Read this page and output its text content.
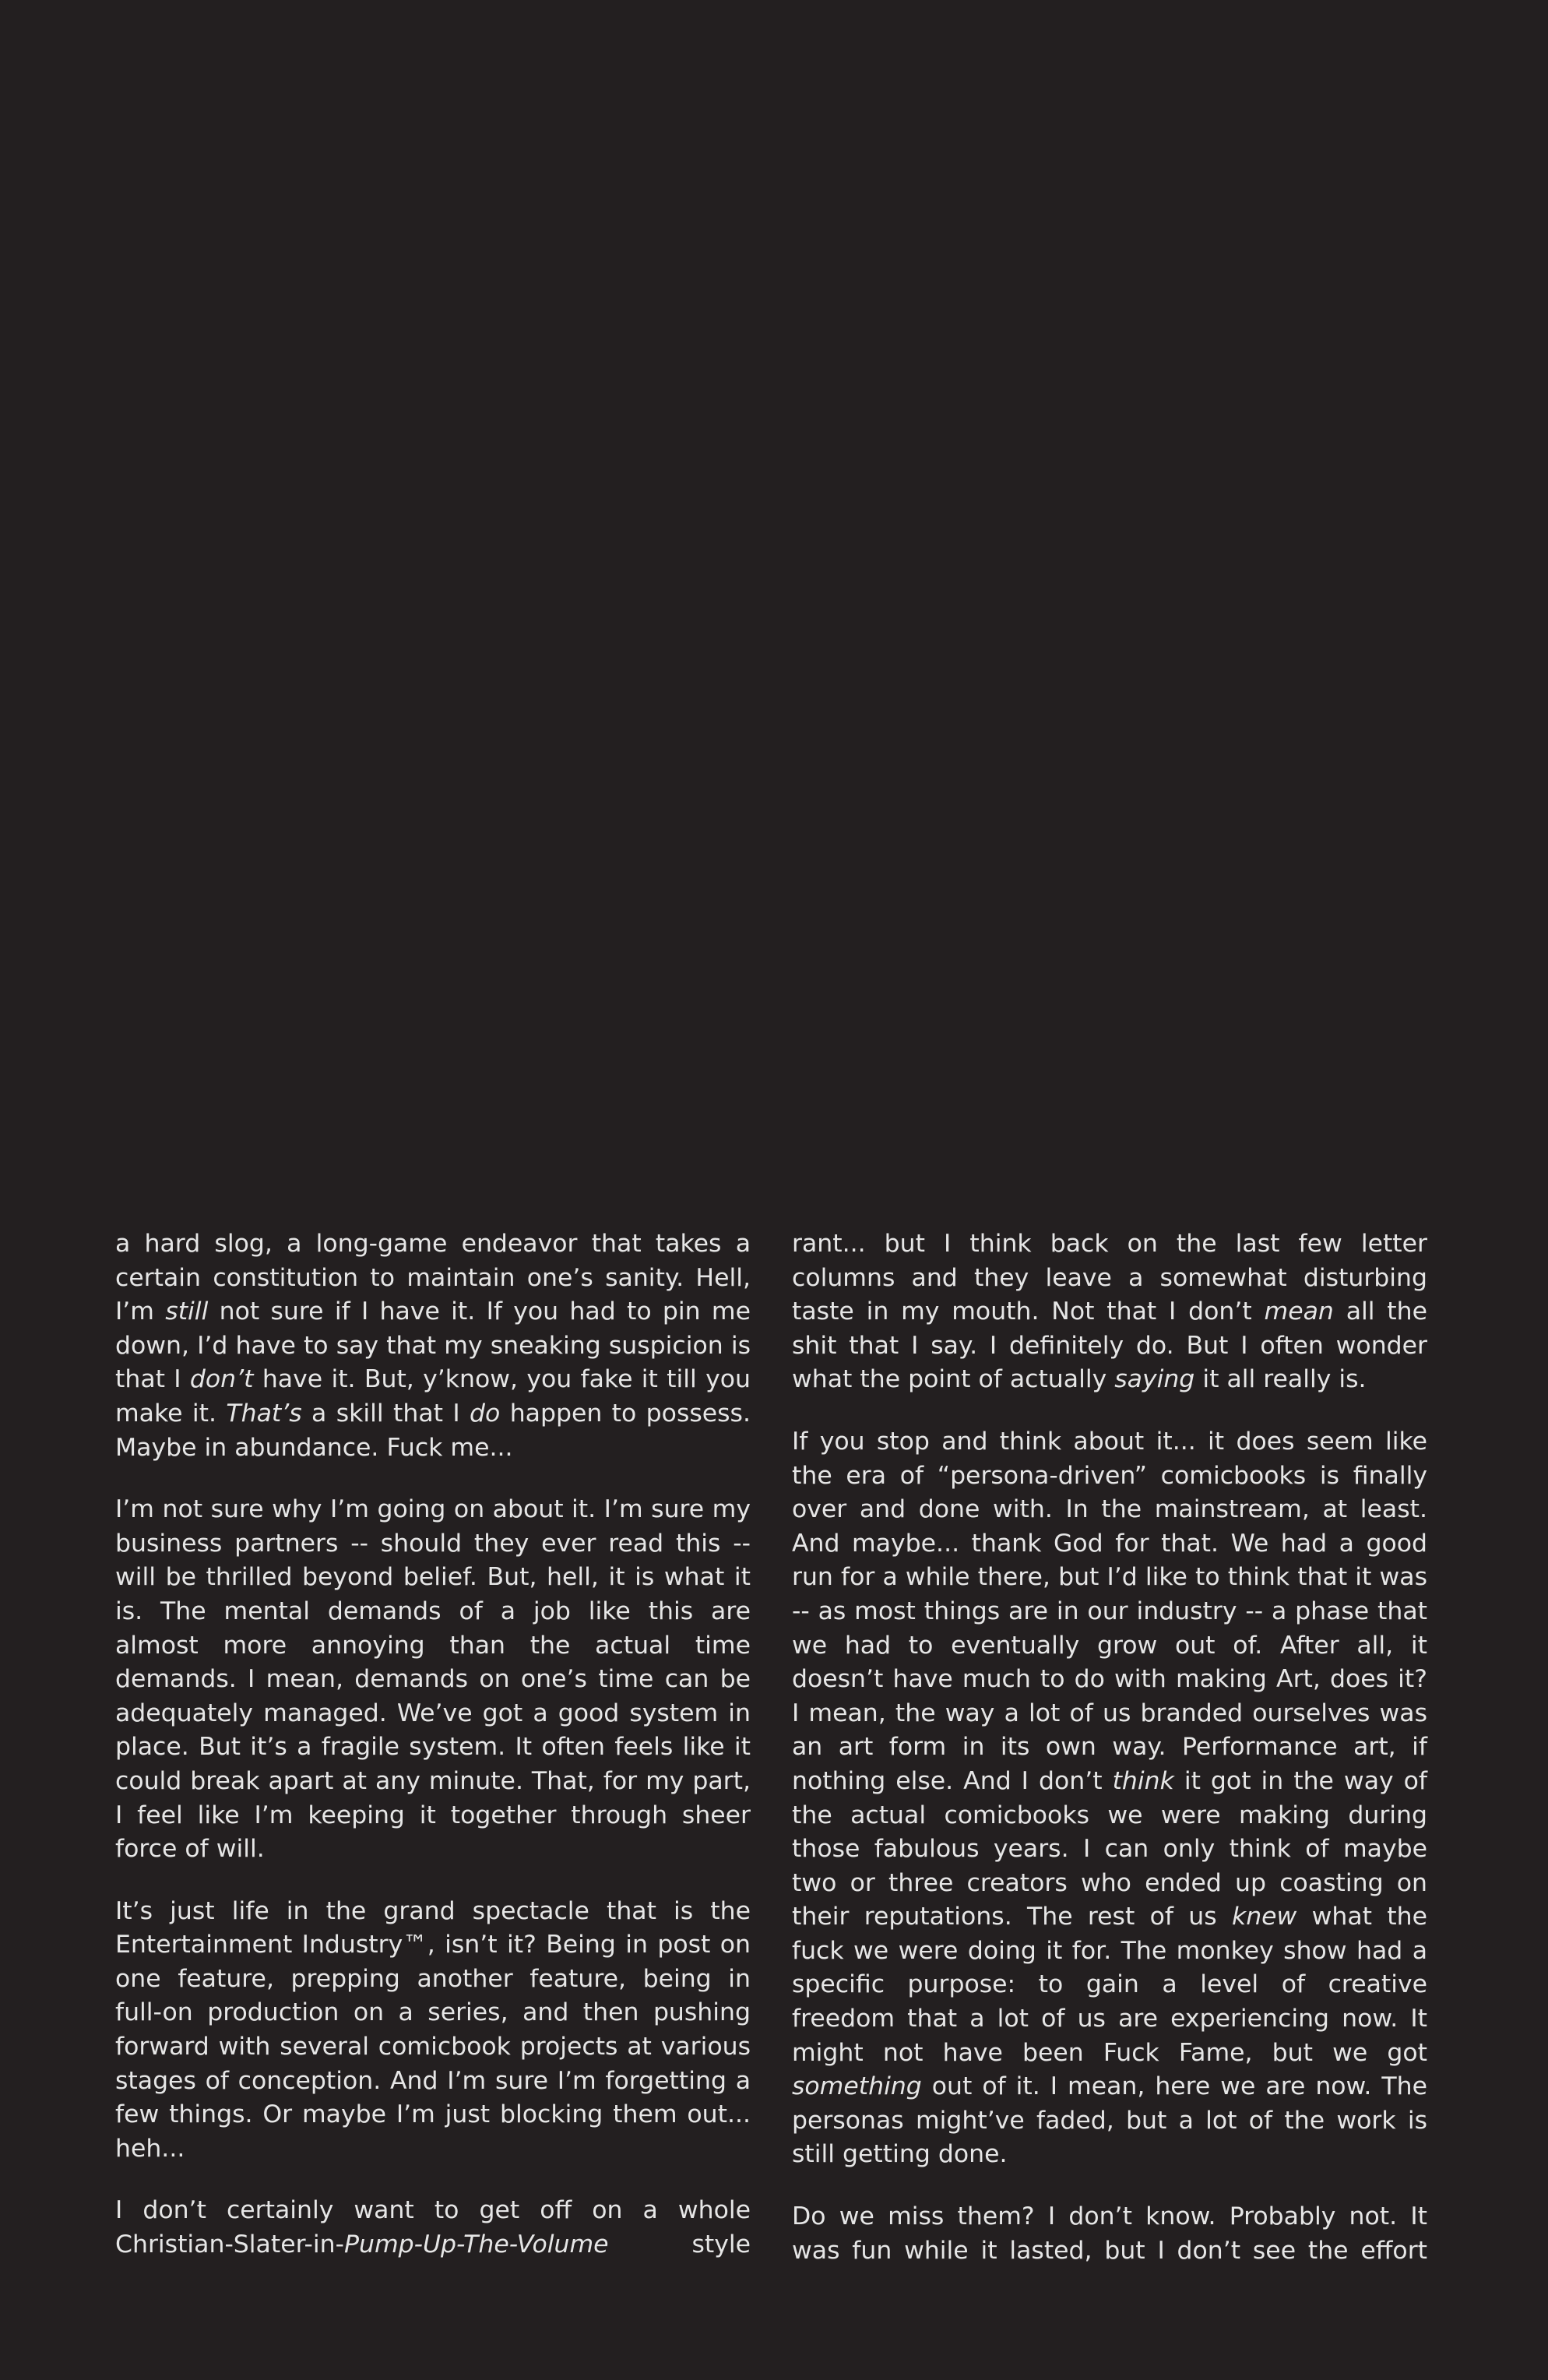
a hard slog, a long-game endeavor that takes a certain constitution to maintain one’s sanity. Hell, I’m still not sure if I have it. If you had to pin me down, I’d have to say that my sneaking suspicion is that I don’t have it. But, y’know, you fake it till you make it. That’s a skill that I do happen to possess. Maybe in abundance. Fuck me...

I’m not sure why I’m going on about it. I’m sure my business partners -- should they ever read this -- will be thrilled beyond belief. But, hell, it is what it is. The mental demands of a job like this are almost more annoying than the actual time demands. I mean, demands on one’s time can be adequately managed. We’ve got a good system in place. But it’s a fragile system. It often feels like it could break apart at any minute. That, for my part, I feel like I’m keeping it together through sheer force of will.

It’s just life in the grand spectacle that is the Entertainment Industry™, isn’t it? Being in post on one feature, prepping another feature, being in full-on production on a series, and then pushing forward with several comicbook projects at various stages of conception. And I’m sure I’m forgetting a few things. Or maybe I’m just blocking them out... heh...

I don’t certainly want to get off on a whole Christian-Slater-in-Pump-Up-The-Volume style

rant... but I think back on the last few letter columns and they leave a somewhat disturbing taste in my mouth. Not that I don’t mean all the shit that I say. I definitely do. But I often wonder what the point of actually saying it all really is.

If you stop and think about it... it does seem like the era of “persona-driven” comicbooks is finally over and done with. In the mainstream, at least. And maybe... thank God for that. We had a good run for a while there, but I’d like to think that it was -- as most things are in our industry -- a phase that we had to eventually grow out of. After all, it doesn’t have much to do with making Art, does it? I mean, the way a lot of us branded ourselves was an art form in its own way. Performance art, if nothing else. And I don’t think it got in the way of the actual comicbooks we were making during those fabulous years. I can only think of maybe two or three creators who ended up coasting on their reputations. The rest of us knew what the fuck we were doing it for. The monkey show had a specific purpose: to gain a level of creative freedom that a lot of us are experiencing now. It might not have been Fuck Fame, but we got something out of it. I mean, here we are now. The personas might’ve faded, but a lot of the work is still getting done.

Do we miss them? I don’t know. Probably not. It was fun while it lasted, but I don’t see the effort
